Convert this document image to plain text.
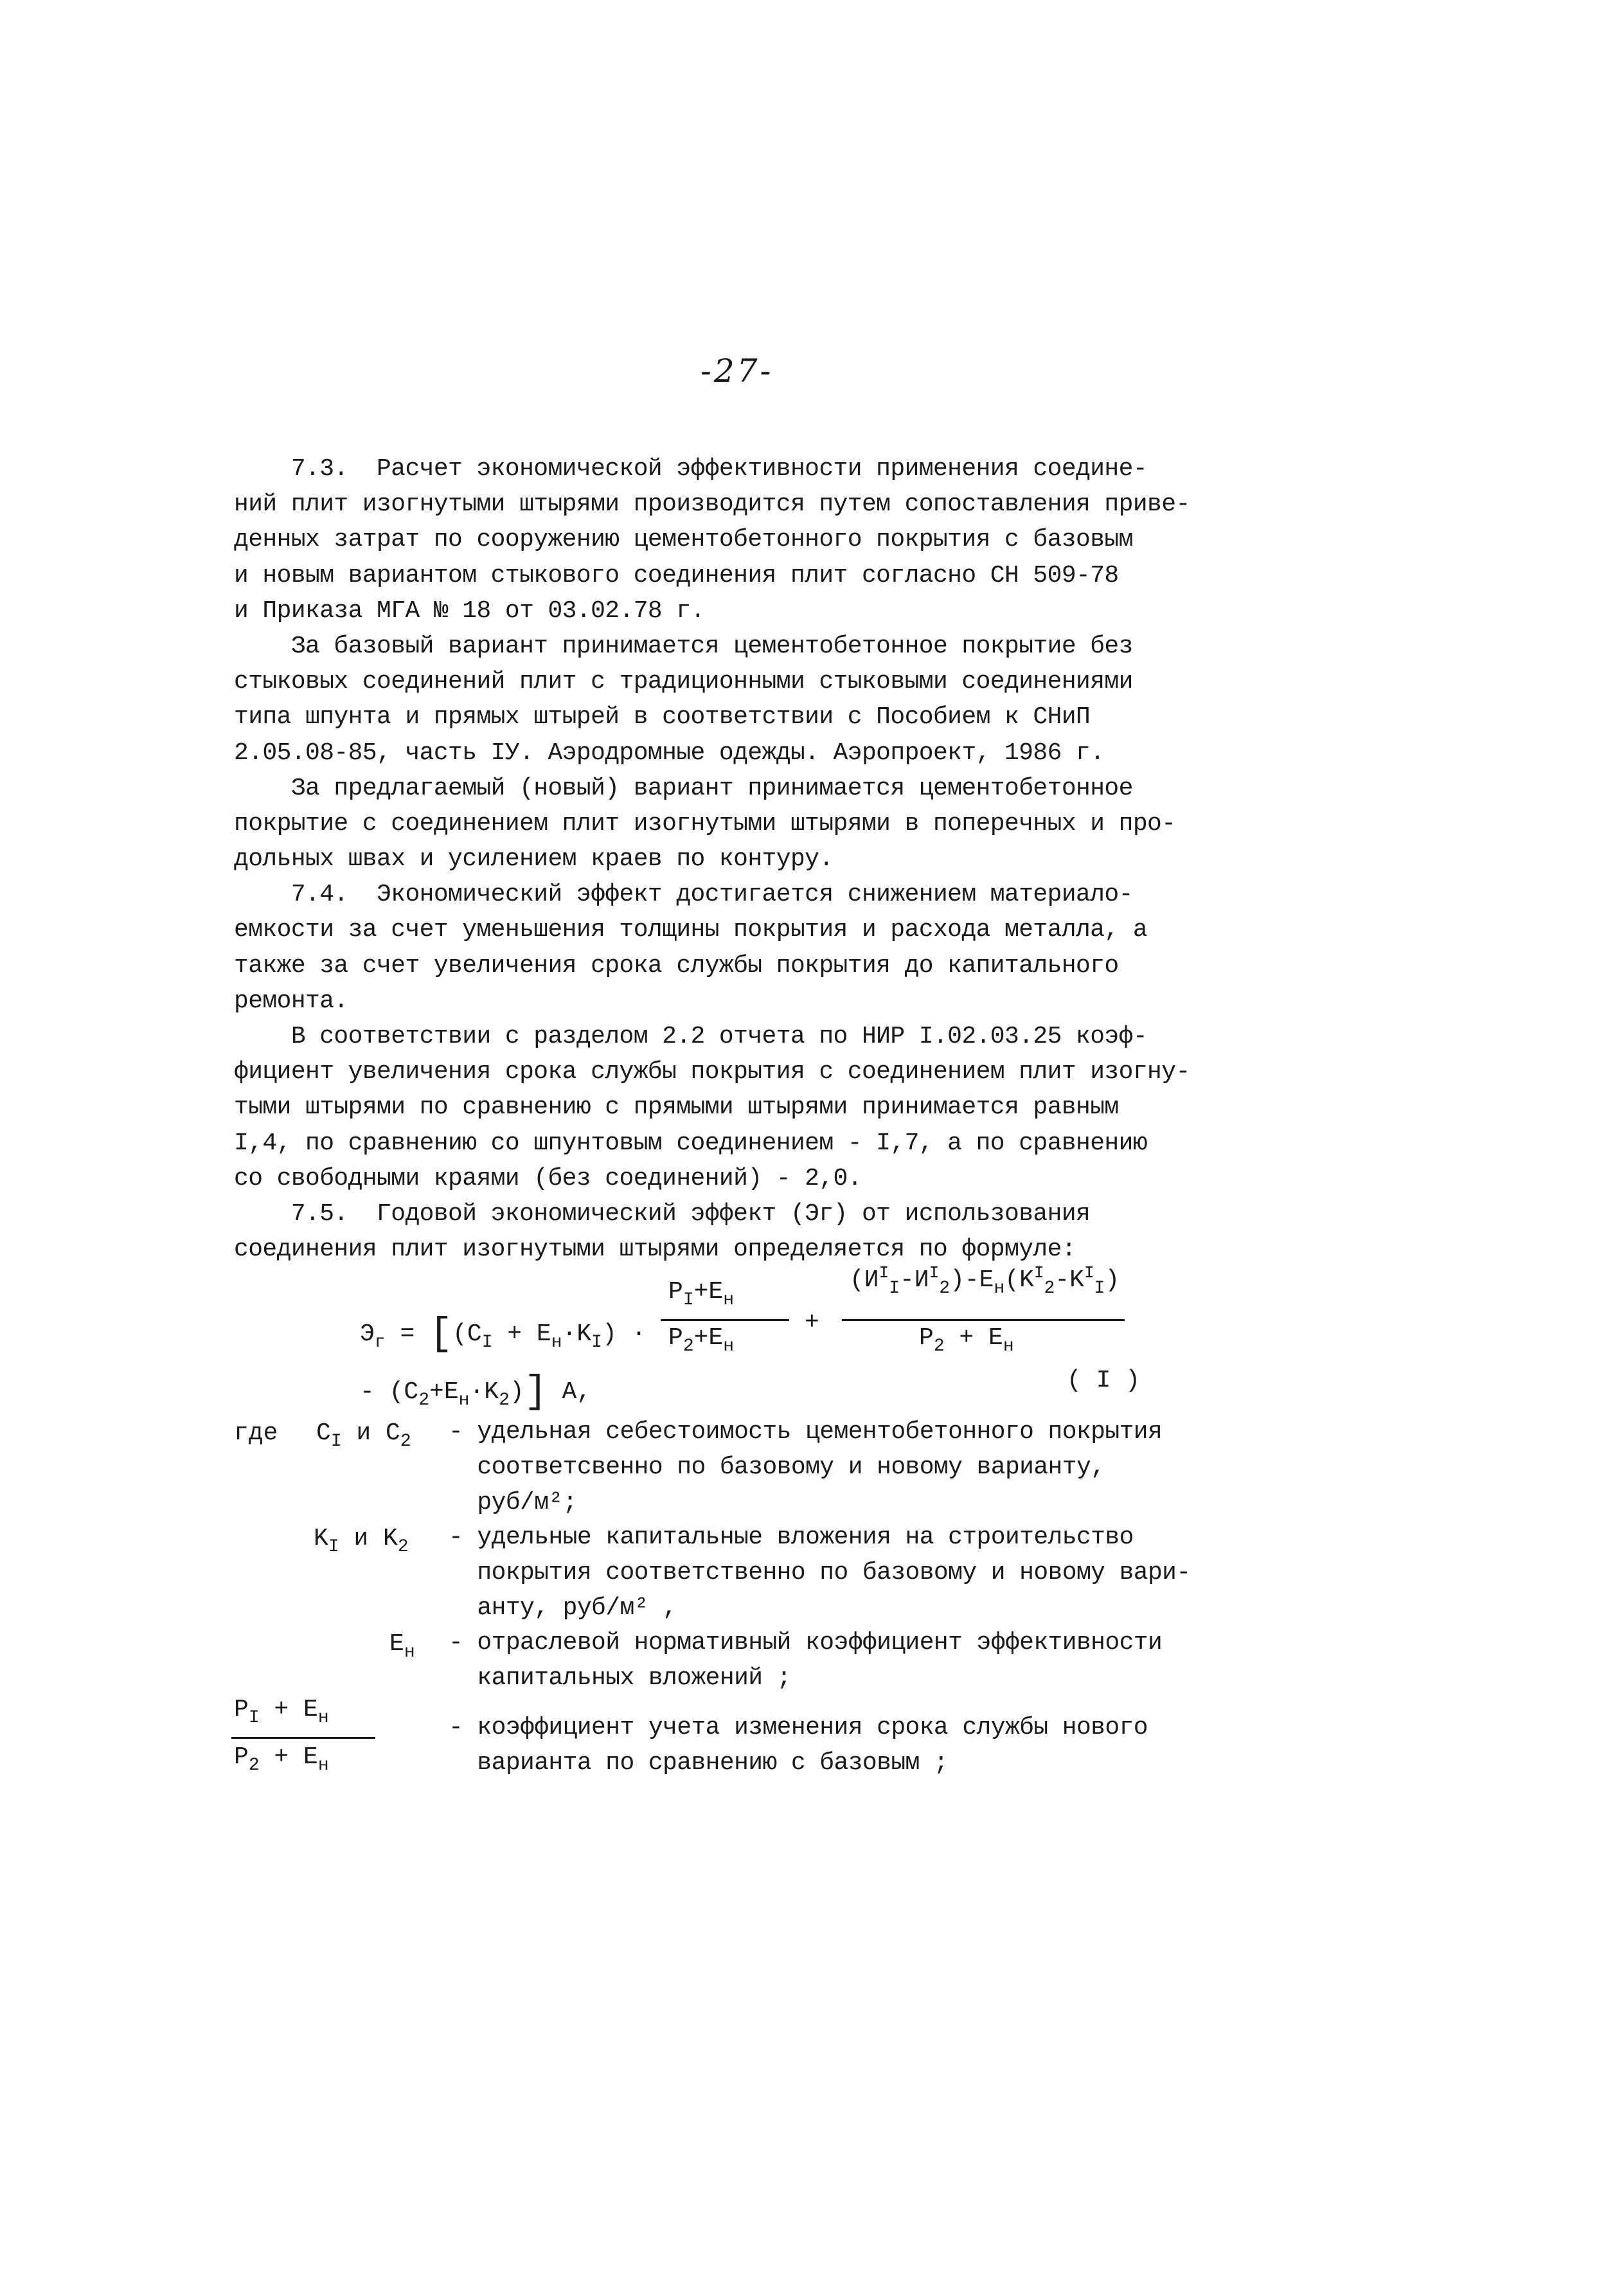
-27-
7.3.  Расчет экономической эффективности применения соедине-
ний плит изогнутыми штырями производится путем сопоставления приве-
денных затрат по сооружению цементобетонного покрытия с базовым
и новым вариантом стыкового соединения плит согласно СН 509-78
и Приказа МГА № 18 от 03.02.78 г.
За базовый вариант принимается цементобетонное покрытие без
стыковых соединений плит с традиционными стыковыми соединениями
типа шпунта и прямых штырей в соответствии с Пособием к СНиП
2.05.08-85, часть IУ. Аэродромные одежды. Аэропроект, 1986 г.
За предлагаемый (новый) вариант принимается цементобетонное
покрытие с соединением плит изогнутыми штырями в поперечных и про-
дольных швах и усилением краев по контуру.
7.4.  Экономический эффект достигается снижением материало-
емкости за счет уменьшения толщины покрытия и расхода металла, а
также за счет увеличения срока службы покрытия до капитального
ремонта.
В соответствии с разделом 2.2 отчета по НИР I.02.03.25 коэф-
фициент увеличения срока службы покрытия с соединением плит изогну-
тыми штырями по сравнению с прямыми штырями принимается равным
I,4, по сравнению со шпунтовым соединением - I,7, а по сравнению
со свободными краями (без соединений) - 2,0.
7.5.  Годовой экономический эффект (Эг) от использования
соединения плит изогнутыми штырями определяется по формуле:
$Э_г = [(C_I + E_н\cdot K_I)$ ·
$P_I+E_н$
$P_2+E_н$
+
$(И^I_I-И^I_2)-E_н(K^I_2-K^I_I)$
$P_2 + E_н$
- $(C_2+E_н\cdot K_2)$] A,	( I )
где $C_I$ и $C_2$ - удельная себестоимость цементобетонного покрытия
соответсвенно по базовому и новому варианту,
руб/м²;
$K_I$ и $K_2$ - удельные капитальные вложения на строительство
покрытия соответственно по базовому и новому вари-
анту, руб/м² ,
$E_н$ - отраслевой нормативный коэффициент эффективности
капитальных вложений ;
$P_I + E_н$
$P_2 + E_н$
- коэффициент учета изменения срока службы нового
варианта по сравнению с базовым ;
